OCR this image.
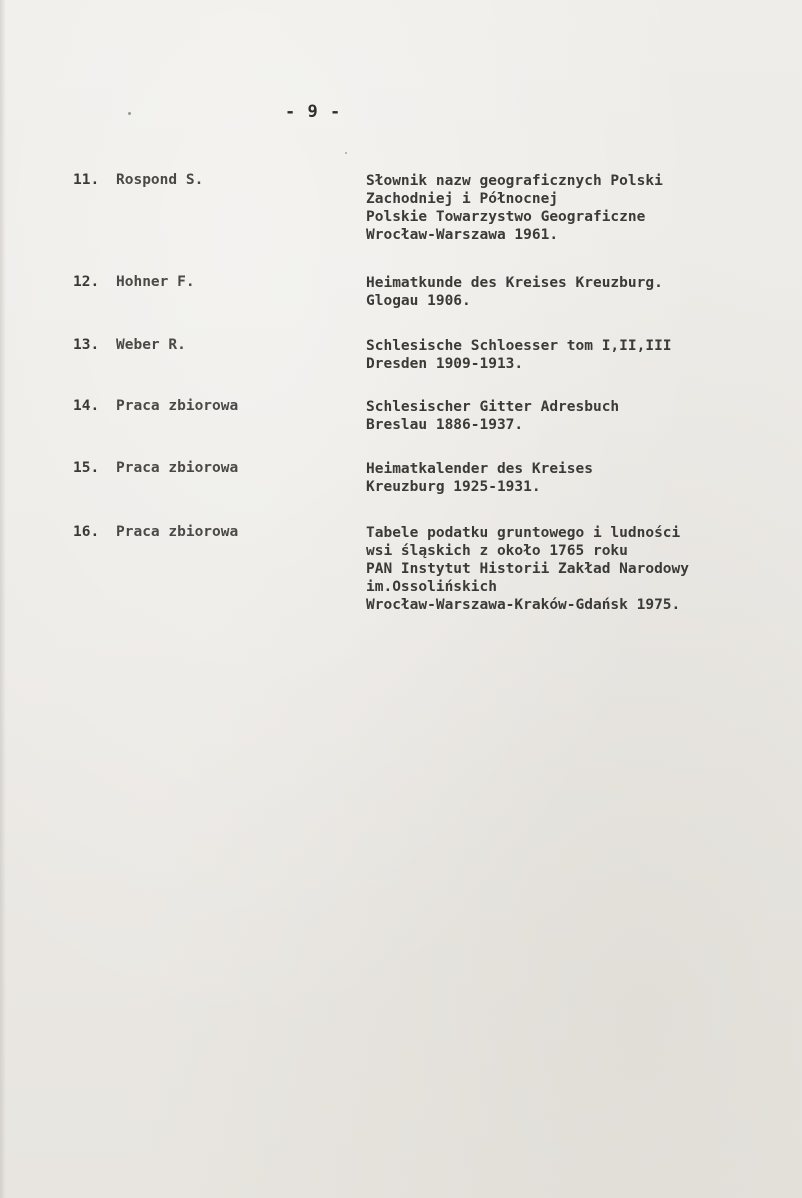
- 9 -
11. Rospond S.	Słownik nazw geograficznych Polski
Zachodniej i Północnej
Polskie Towarzystwo Geograficzne
Wrocław-Warszawa 1961.
12. Hohner F.	Heimatkunde des Kreises Kreuzburg.
Glogau 1906.
13. Weber R.	Schlesische Schloesser tom I,II,III
Dresden 1909-1913.
14. Praca zbiorowa	Schlesischer Gitter Adresbuch
Breslau 1886-1937.
15. Praca zbiorowa	Heimatkalender des Kreises
Kreuzburg 1925-1931.
16. Praca zbiorowa	Tabele podatku gruntowego i ludności
wsi śląskich z około 1765 roku
PAN Instytut Historii Zakład Narodowy
im.Ossolińskich
Wrocław-Warszawa-Kraków-Gdańsk 1975.
